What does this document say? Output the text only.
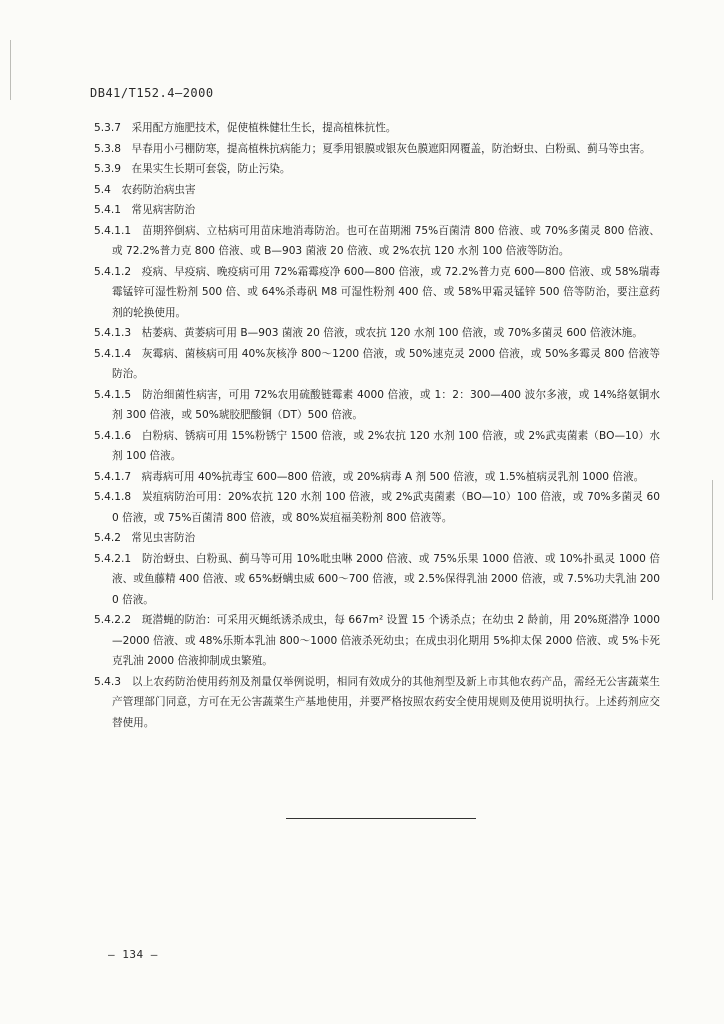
DB41/T152.4—2000

5.3.7　采用配方施肥技术，促使植株健壮生长，提高植株抗性。

5.3.8　早春用小弓棚防寒，提高植株抗病能力；夏季用银膜或银灰色膜遮阳网覆盖，防治蚜虫、白粉虱、蓟马等虫害。

5.3.9　在果实生长期可套袋，防止污染。

5.4　农药防治病虫害

5.4.1　常见病害防治

5.4.1.1　苗期猝倒病、立枯病可用苗床地消毒防治。也可在苗期湘 75%百菌清 800 倍液、或 70%多菌灵 800 倍液、或 72.2%普力克 800 倍液、或 B—903 菌液 20 倍液、或 2%农抗 120 水剂 100 倍液等防治。

5.4.1.2　疫病、早疫病、晚疫病可用 72%霜霉疫净 600—800 倍液，或 72.2%普力克 600—800 倍液、或 58%瑞毒霉锰锌可湿性粉剂 500 倍、或 64%杀毒矾 M8 可湿性粉剂 400 倍、或 58%甲霜灵锰锌 500 倍等防治，要注意药剂的轮换使用。

5.4.1.3　枯萎病、黄萎病可用 B—903 菌液 20 倍液，或农抗 120 水剂 100 倍液，或 70%多菌灵 600 倍液沐施。

5.4.1.4　灰霉病、菌核病可用 40%灰核净 800～1200 倍液，或 50%速克灵 2000 倍液，或 50%多霉灵 800 倍液等防治。

5.4.1.5　防治细菌性病害，可用 72%农用硫酸链霉素 4000 倍液，或 1：2：300—400 波尔多液，或 14%络氨铜水剂 300 倍液，或 50%琥胶肥酸铜（DT）500 倍液。

5.4.1.6　白粉病、锈病可用 15%粉锈宁 1500 倍液，或 2%农抗 120 水剂 100 倍液，或 2%武夷菌素（BO—10）水剂 100 倍液。

5.4.1.7　病毒病可用 40%抗毒宝 600—800 倍液，或 20%病毒 A 剂 500 倍液，或 1.5%植病灵乳剂 1000 倍液。

5.4.1.8　炭疽病防治可用：20%农抗 120 水剂 100 倍液，或 2%武夷菌素（BO—10）100 倍液，或 70%多菌灵 600 倍液，或 75%百菌清 800 倍液，或 80%炭疽福美粉剂 800 倍液等。

5.4.2　常见虫害防治

5.4.2.1　防治蚜虫、白粉虱、蓟马等可用 10%吡虫啉 2000 倍液、或 75%乐果 1000 倍液、或 10%扑虱灵 1000 倍液、或鱼藤精 400 倍液、或 65%蚜螨虫威 600～700 倍液，或 2.5%保得乳油 2000 倍液，或 7.5%功夫乳油 2000 倍液。

5.4.2.2　斑潜蝇的防治：可采用灭蝇纸诱杀成虫，每 667m² 设置 15 个诱杀点；在幼虫 2 龄前，用 20%斑潜净 1000—2000 倍液、或 48%乐斯本乳油 800～1000 倍液杀死幼虫；在成虫羽化期用 5%抑太保 2000 倍液、或 5%卡死克乳油 2000 倍液抑制成虫繁殖。

5.4.3　以上农药防治使用药剂及剂量仅举例说明，相同有效成分的其他剂型及新上市其他农药产品，需经无公害蔬菜生产管理部门同意，方可在无公害蔬菜生产基地使用，并要严格按照农药安全使用规则及使用说明执行。上述药剂应交替使用。

— 134 —
